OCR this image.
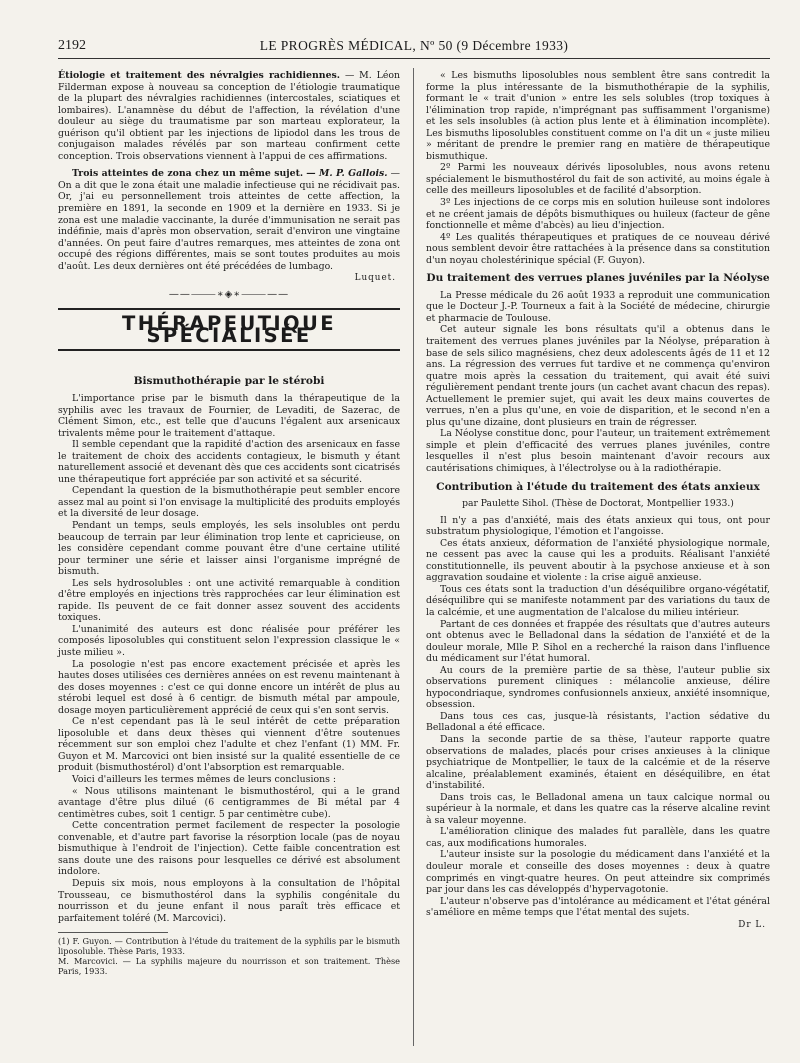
2192	LE PROGRÈS MÉDICAL, Nº 50 (9 Décembre 1933)

Étiologie et traitement des névralgies rachidiennes. — M. Léon Filderman expose à nouveau sa conception de l'étiologie traumatique de la plupart des névralgies rachidiennes (intercostales, sciatiques et lombaires). L'anamnèse du début de l'affection, la révélation d'une douleur au siège du traumatisme par son marteau explorateur, la guérison qu'il obtient par les injections de lipiodol dans les trous de conjugaison malades révélés par son marteau confirment cette conception. Trois observations viennent à l'appui de ces affirmations.

Trois atteintes de zona chez un même sujet. — M. P. Gallois. — On a dit que le zona était une maladie infectieuse qui ne récidivait pas. Or, j'ai eu personnellement trois atteintes de cette affection, la première en 1891, la seconde en 1909 et la dernière en 1933. Si je zona est une maladie vaccinante, la durée d'immunisation ne serait pas indéfinie, mais d'après mon observation, serait d'environ une vingtaine d'années. On peut faire d'autres remarques, mes atteintes de zona ont occupé des régions différentes, mais se sont toutes produites au mois d'août. Les deux dernières ont été précédées de lumbago.

Luquet.
——⸻∗◈∗⸻——
THÉRAPEUTIQUE SPÉCIALISÉE
Bismuthothérapie par le stérobi

L'importance prise par le bismuth dans la thérapeutique de la syphilis avec les travaux de Fournier, de Levaditi, de Sazerac, de Clément Simon, etc., est telle que d'aucuns l'égalent aux arsenicaux trivalents même pour le traitement d'attaque.

Il semble cependant que la rapidité d'action des arsenicaux en fasse le traitement de choix des accidents contagieux, le bismuth y étant naturellement associé et devenant dès que ces accidents sont cicatrisés une thérapeutique fort appréciée par son activité et sa sécurité.

Cependant la question de la bismuthothérapie peut sembler encore assez mal au point si l'on envisage la multiplicité des produits employés et la diversité de leur dosage.

Pendant un temps, seuls employés, les sels insolubles ont perdu beaucoup de terrain par leur élimination trop lente et capricieuse, on les considère cependant comme pouvant être d'une certaine utilité pour terminer une série et laisser ainsi l'organisme imprégné de bismuth.

Les sels hydrosolubles : ont une activité remarquable à condition d'être employés en injections très rapprochées car leur élimination est rapide. Ils peuvent de ce fait donner assez souvent des accidents toxiques.

L'unanimité des auteurs est donc réalisée pour préférer les composés liposolubles qui constituent selon l'expression classique le « juste milieu ».

La posologie n'est pas encore exactement précisée et après les hautes doses utilisées ces dernières années on est revenu maintenant à des doses moyennes : c'est ce qui donne encore un intérêt de plus au stérobi lequel est dosé à 6 centigr. de bismuth métal par ampoule, dosage moyen particulièrement apprécié de ceux qui s'en sont servis.

Ce n'est cependant pas là le seul intérêt de cette préparation liposoluble et dans deux thèses qui viennent d'être soutenues récemment sur son emploi chez l'adulte et chez l'enfant (1) MM. Fr. Guyon et M. Marcovici ont bien insisté sur la qualité essentielle de ce produit (bismuthostérol) d'ont l'absorption est remarquable.

Voici d'ailleurs les termes mêmes de leurs conclusions :

« Nous utilisons maintenant le bismuthostérol, qui a le grand avantage d'être plus dilué (6 centigrammes de Bi métal par 4 centimètres cubes, soit 1 centigr. 5 par centimètre cube).

Cette concentration permet facilement de respecter la posologie convenable, et d'autre part favorise la résorption locale (pas de noyau bismuthique à l'endroit de l'injection). Cette faible concentration est sans doute une des raisons pour lesquelles ce dérivé est absolument indolore.

Depuis six mois, nous employons à la consultation de l'hôpital Trousseau, ce bismuthostérol dans la syphilis congénitale du nourrisson et du jeune enfant il nous paraît très efficace et parfaitement toléré (M. Marcovici).

(1) F. Guyon. — Contribution à l'étude du traitement de la syphilis par le bismuth liposoluble. Thèse Paris, 1933.
M. Marcovici. — La syphilis majeure du nourrisson et son traitement. Thèse Paris, 1933.

« Les bismuths liposolubles nous semblent être sans contredit la forme la plus intéressante de la bismuthothérapie de la syphilis, formant le « trait d'union » entre les sels solubles (trop toxiques à l'élimination trop rapide, n'imprégnant pas suffisamment l'organisme) et les sels insolubles (à action plus lente et à élimination incomplète). Les bismuths liposolubles constituent comme on l'a dit un « juste milieu » méritant de prendre le premier rang en matière de thérapeutique bismuthique.

2º Parmi les nouveaux dérivés liposolubles, nous avons retenu spécialement le bismuthostérol du fait de son activité, au moins égale à celle des meilleurs liposolubles et de facilité d'absorption.

3º Les injections de ce corps mis en solution huileuse sont indolores et ne créent jamais de dépôts bismuthiques ou huileux (facteur de gêne fonctionnelle et même d'abcès) au lieu d'injection.

4º Les qualités thérapeutiques et pratiques de ce nouveau dérivé nous semblent devoir être rattachées à la présence dans sa constitution d'un noyau cholestérinique spécial (F. Guyon).

Du traitement des verrues planes juvéniles par la Néolyse

La Presse médicale du 26 août 1933 a reproduit une communication que le Docteur J.-P. Tourneux a fait à la Société de médecine, chirurgie et pharmacie de Toulouse.

Cet auteur signale les bons résultats qu'il a obtenus dans le traitement des verrues planes juvéniles par la Néolyse, préparation à base de sels silico magnésiens, chez deux adolescents âgés de 11 et 12 ans. La régression des verrues fut tardive et ne commença qu'environ quatre mois après la cessation du traitement, qui avait été suivi régulièrement pendant trente jours (un cachet avant chacun des repas). Actuellement le premier sujet, qui avait les deux mains couvertes de verrues, n'en a plus qu'une, en voie de disparition, et le second n'en a plus qu'une dizaine, dont plusieurs en train de régresser.

La Néolyse constitue donc, pour l'auteur, un traitement extrêmement simple et plein d'efficacité des verrues planes juvéniles, contre lesquelles il n'est plus besoin maintenant d'avoir recours aux cautérisations chimiques, à l'électrolyse ou à la radiothérapie.

Contribution à l'étude du traitement des états anxieux
par Paulette Sihol. (Thèse de Doctorat, Montpellier 1933.)

Il n'y a pas d'anxiété, mais des états anxieux qui tous, ont pour substratum physiologique, l'émotion et l'angoisse.

Ces états anxieux, déformation de l'anxiété physiologique normale, ne cessent pas avec la cause qui les a produits. Réalisant l'anxiété constitutionnelle, ils peuvent aboutir à la psychose anxieuse et à son aggravation soudaine et violente : la crise aiguë anxieuse.

Tous ces états sont la traduction d'un déséquilibre organo-végétatif, déséquilibre qui se manifeste notamment par des variations du taux de la calcémie, et une augmentation de l'alcalose du milieu intérieur.

Partant de ces données et frappée des résultats que d'autres auteurs ont obtenus avec le Belladonal dans la sédation de l'anxiété et de la douleur morale, Mlle P. Sihol en a recherché la raison dans l'influence du médicament sur l'état humoral.

Au cours de la première partie de sa thèse, l'auteur publie six observations purement cliniques : mélancolie anxieuse, délire hypocondriaque, syndromes confusionnels anxieux, anxiété insomnique, obsession.

Dans tous ces cas, jusque-là résistants, l'action sédative du Belladonal a été efficace.

Dans la seconde partie de sa thèse, l'auteur rapporte quatre observations de malades, placés pour crises anxieuses à la clinique psychiatrique de Montpellier, le taux de la calcémie et de la réserve alcaline, préalablement examinés, étaient en déséquilibre, en état d'instabilité.

Dans trois cas, le Belladonal amena un taux calcique normal ou supérieur à la normale, et dans les quatre cas la réserve alcaline revint à sa valeur moyenne.

L'amélioration clinique des malades fut parallèle, dans les quatre cas, aux modifications humorales.

L'auteur insiste sur la posologie du médicament dans l'anxiété et la douleur morale et conseille des doses moyennes : deux à quatre comprimés en vingt-quatre heures. On peut atteindre six comprimés par jour dans les cas développés d'hypervagotonie.

L'auteur n'observe pas d'intolérance au médicament et l'état général s'améliore en même temps que l'état mental des sujets.

Dr L.
